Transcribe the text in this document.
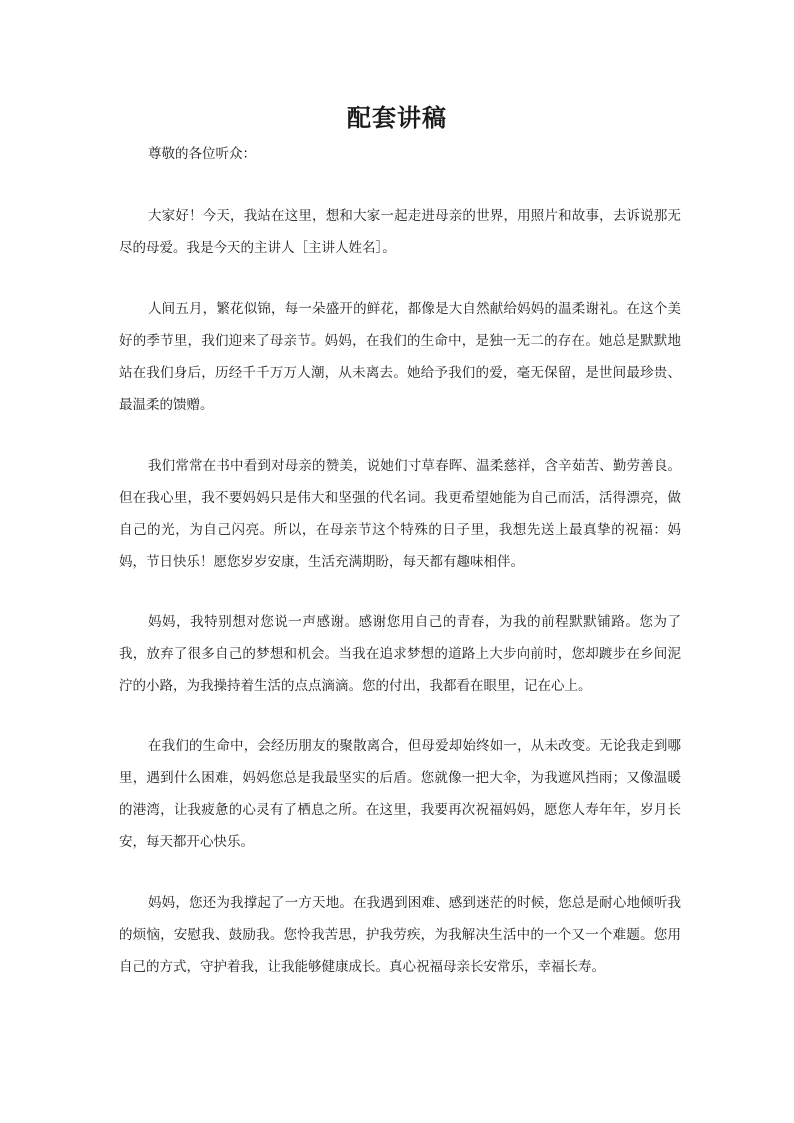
配套讲稿
尊敬的各位听众：

大家好！今天，我站在这里，想和大家一起走进母亲的世界，用照片和故事，去诉说那无尽的母爱。我是今天的主讲人［主讲人姓名］。

人间五月，繁花似锦，每一朵盛开的鲜花，都像是大自然献给妈妈的温柔谢礼。在这个美好的季节里，我们迎来了母亲节。妈妈，在我们的生命中，是独一无二的存在。她总是默默地站在我们身后，历经千千万万人潮，从未离去。她给予我们的爱，毫无保留，是世间最珍贵、最温柔的馈赠。

我们常常在书中看到对母亲的赞美，说她们寸草春晖、温柔慈祥，含辛茹苦、勤劳善良。但在我心里，我不要妈妈只是伟大和坚强的代名词。我更希望她能为自己而活，活得漂亮，做自己的光，为自己闪亮。所以，在母亲节这个特殊的日子里，我想先送上最真挚的祝福：妈妈，节日快乐！愿您岁岁安康，生活充满期盼，每天都有趣味相伴。

妈妈，我特别想对您说一声感谢。感谢您用自己的青春，为我的前程默默铺路。您为了我，放弃了很多自己的梦想和机会。当我在追求梦想的道路上大步向前时，您却踱步在乡间泥泞的小路，为我操持着生活的点点滴滴。您的付出，我都看在眼里，记在心上。

在我们的生命中，会经历朋友的聚散离合，但母爱却始终如一，从未改变。无论我走到哪里，遇到什么困难，妈妈您总是我最坚实的后盾。您就像一把大伞，为我遮风挡雨；又像温暖的港湾，让我疲惫的心灵有了栖息之所。在这里，我要再次祝福妈妈，愿您人寿年年，岁月长安，每天都开心快乐。

妈妈，您还为我撑起了一方天地。在我遇到困难、感到迷茫的时候，您总是耐心地倾听我的烦恼，安慰我、鼓励我。您怜我苦思，护我劳疾，为我解决生活中的一个又一个难题。您用自己的方式，守护着我，让我能够健康成长。真心祝福母亲长安常乐，幸福长寿。
